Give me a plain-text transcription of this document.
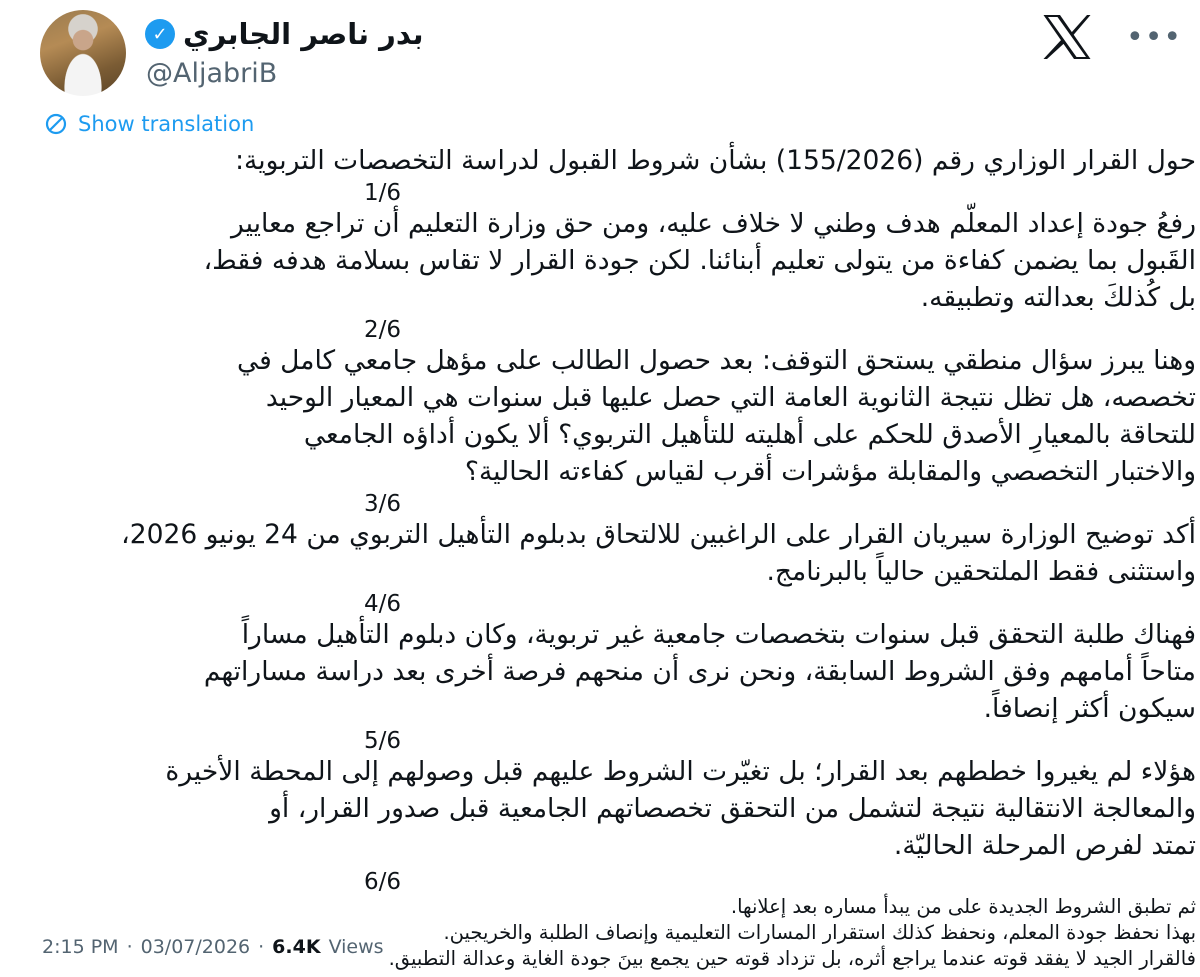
بدر ناصر الجابري
✓
@AljabriB
•••
Show translation
حول القرار الوزاري رقم (155/2026) بشأن شروط القبول لدراسة التخصصات التربوية:
1/6
رفعُ جودة إعداد المعلّم هدف وطني لا خلاف عليه، ومن حق وزارة التعليم أن تراجع معايير
القَبول بما يضمن كفاءة من يتولى تعليم أبنائنا. لكن جودة القرار لا تقاس بسلامة هدفه فقط،
بل كُذلكَ بعدالته وتطبيقه.
2/6
وهنا يبرز سؤال منطقي يستحق التوقف: بعد حصول الطالب على مؤهل جامعي كامل في
تخصصه، هل تظل نتيجة الثانوية العامة التي حصل عليها قبل سنوات هي المعيار الوحيد
للتحاقة بالمعيارِ الأصدق للحكم على أهليته للتأهيل التربوي؟ ألا يكون أداؤه الجامعي
والاختبار التخصصي والمقابلة مؤشرات أقرب لقياس كفاءته الحالية؟
3/6
أكد توضيح الوزارة سيريان القرار على الراغبين للالتحاق بدبلوم التأهيل التربوي من 24 يونيو 2026،
واستثنى فقط الملتحقين حالياً بالبرنامج.
4/6
فهناك طلبة التحقق قبل سنوات بتخصصات جامعية غير تربوية، وكان دبلوم التأهيل مساراً
متاحاً أمامهم وفق الشروط السابقة، ونحن نرى أن منحهم فرصة أخرى بعد دراسة مساراتهم
سيكون أكثر إنصافاً.
5/6
هؤلاء لم يغيروا خططهم بعد القرار؛ بل تغيّرت الشروط عليهم قبل وصولهم إلى المحطة الأخيرة
والمعالجة الانتقالية نتيجة لتشمل من التحقق تخصصاتهم الجامعية قبل صدور القرار، أو
تمتد لفرص المرحلة الحاليّة.
6/6
ثم تطبق الشروط الجديدة على من يبدأ مساره بعد إعلانها.
بهذا نحفظ جودة المعلم، ونحفظ كذلك استقرار المسارات التعليمية وإنصاف الطلبة والخريجين.
فالقرار الجيد لا يفقد قوته عندما يراجع أثره، بل تزداد قوته حين يجمع بينَ جودة الغاية وعدالة التطبيق.
2:15 PM · 03/07/2026 · 6.4K Views
